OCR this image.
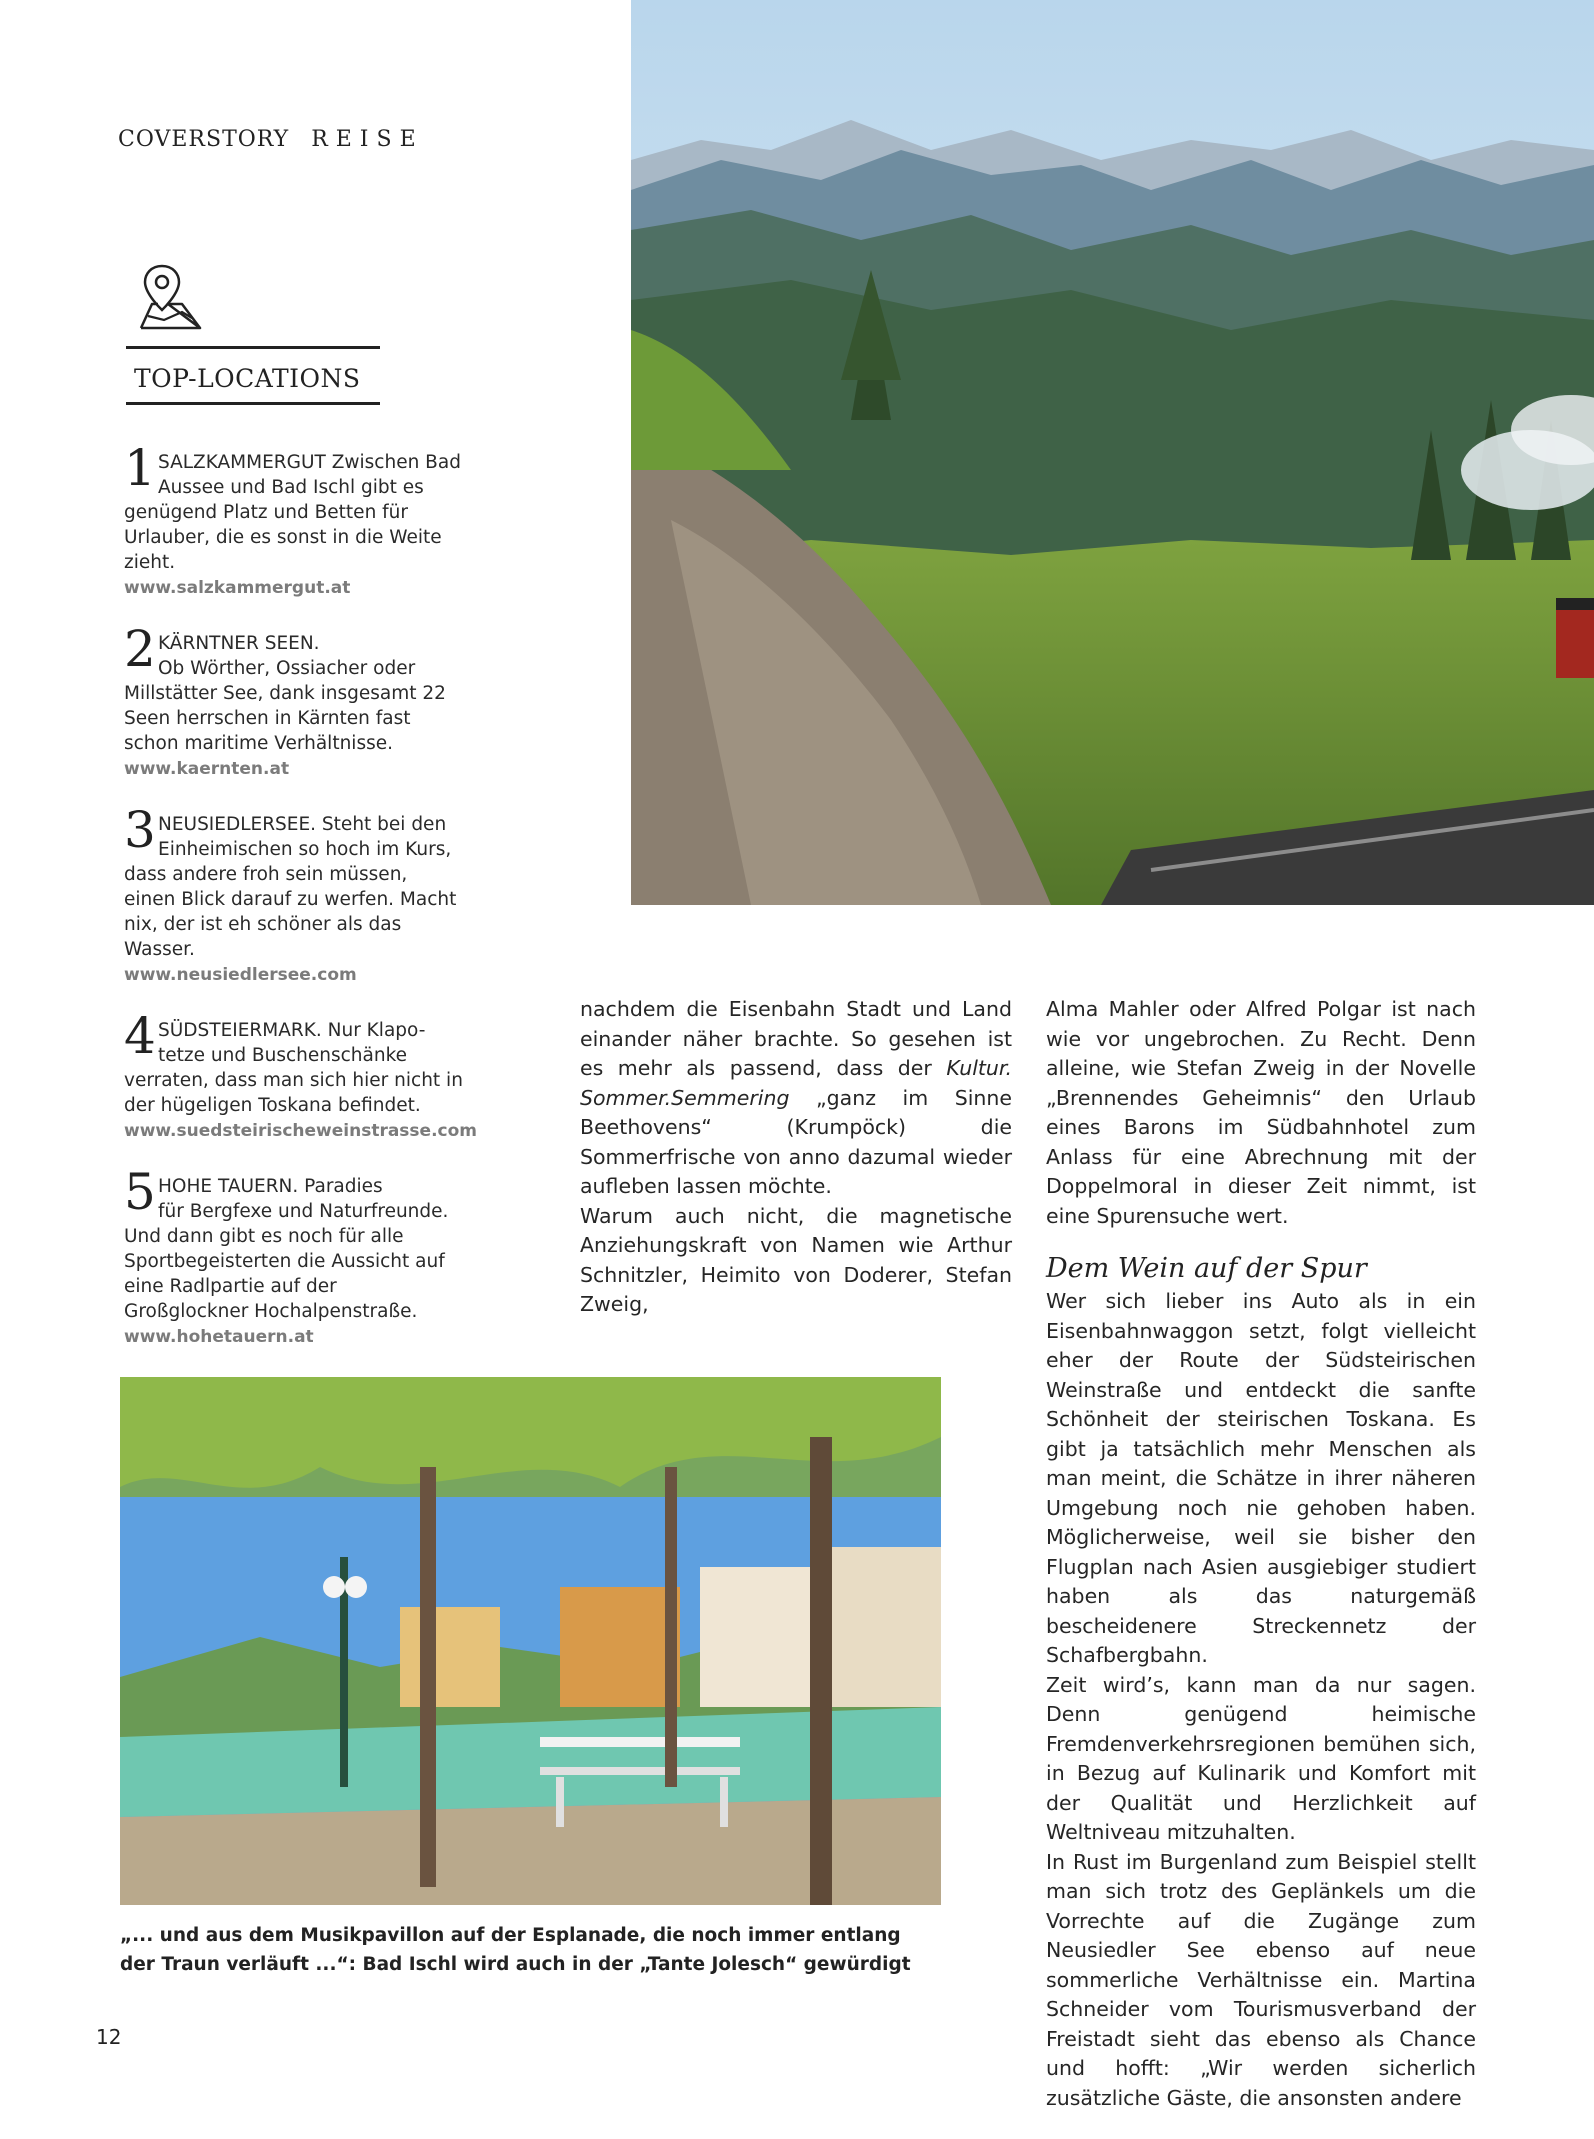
COVERSTORY REISE
TOP-LOCATIONS
1 SALZKAMMERGUT Zwischen Bad
Aussee und Bad Ischl gibt es
genügend Platz und Betten für Urlauber, die es sonst in die Weite zieht.
www.salzkammergut.at
2 KÄRNTNER SEEN.
Ob Wörther, Ossiacher oder
Millstätter See, dank insgesamt 22 Seen herrschen in Kärnten fast schon maritime Verhältnisse.
www.kaernten.at
3 NEUSIEDLERSEE. Steht bei den
Einheimischen so hoch im Kurs,
dass andere froh sein müssen, einen Blick darauf zu werfen. Macht nix, der ist eh schöner als das Wasser.
www.neusiedlersee.com
4 SÜDSTEIERMARK. Nur Klapo-
tetze und Buschenschänke
verraten, dass man sich hier nicht in der hügeligen Toskana befindet.
www.suedsteirischeweinstrasse.com
5 HOHE TAUERN. Paradies
für Bergfexe und Naturfreunde.
Und dann gibt es noch für alle Sportbegeisterten die Aussicht auf eine Radlpartie auf der Großglockner Hochalpenstraße.
www.hohetauern.at

nachdem die Eisenbahn Stadt und Land einander näher brachte. So gesehen ist es mehr als passend, dass der Kultur. Sommer.Semmering „ganz im Sinne Beethovens“ (Krumpöck) die Sommerfrische von anno dazumal wieder aufleben lassen möchte.

Warum auch nicht, die magnetische Anziehungskraft von Namen wie Arthur Schnitzler, Heimito von Doderer, Stefan Zweig,

Alma Mahler oder Alfred Polgar ist nach wie vor ungebrochen. Zu Recht. Denn alleine, wie Stefan Zweig in der Novelle „Brennendes Geheimnis“ den Urlaub eines Barons im Südbahnhotel zum Anlass für eine Abrechnung mit der Doppelmoral in dieser Zeit nimmt, ist eine Spurensuche wert.

Dem Wein auf der Spur

Wer sich lieber ins Auto als in ein Eisenbahnwaggon setzt, folgt vielleicht eher der Route der Südsteirischen Weinstraße und entdeckt die sanfte Schönheit der steirischen Toskana. Es gibt ja tatsächlich mehr Menschen als man meint, die Schätze in ihrer näheren Umgebung noch nie gehoben haben. Möglicherweise, weil sie bisher den Flugplan nach Asien ausgiebiger studiert haben als das naturgemäß bescheidenere Streckennetz der Schafbergbahn.

Zeit wird’s, kann man da nur sagen. Denn genügend heimische Fremdenverkehrsregionen bemühen sich, in Bezug auf Kulinarik und Komfort mit der Qualität und Herzlichkeit auf Weltniveau mitzuhalten.

In Rust im Burgenland zum Beispiel stellt man sich trotz des Geplänkels um die Vorrechte auf die Zugänge zum Neusiedler See ebenso auf neue sommerliche Verhältnisse ein. Martina Schneider vom Tourismusverband der Freistadt sieht das ebenso als Chance und hofft: „Wir werden sicherlich zusätzliche Gäste, die ansonsten andere

„... und aus dem Musikpavillon auf der Esplanade, die noch immer entlang der Traun verläuft ...“: Bad Ischl wird auch in der „Tante Jolesch“ gewürdigt
12
